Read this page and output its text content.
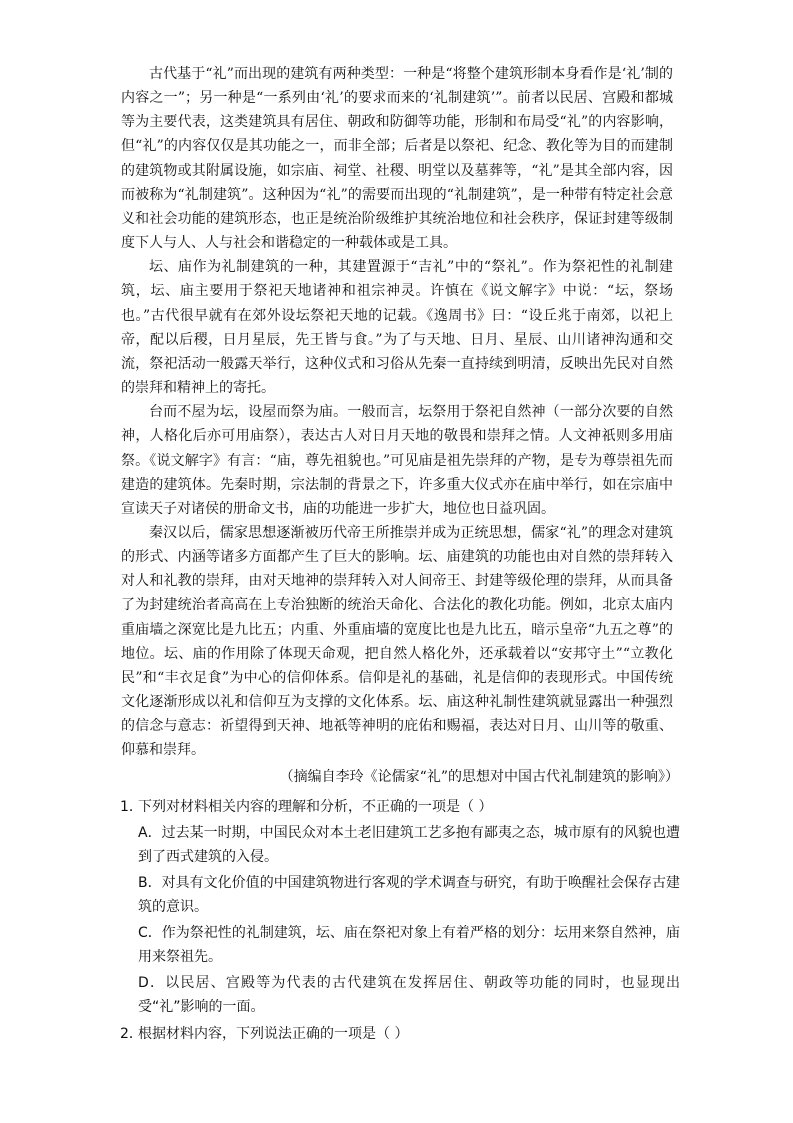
古代基于“礼”而出现的建筑有两种类型：一种是“将整个建筑形制本身看作是‘礼’制的内容之一”；另一种是“一系列由‘礼’的要求而来的‘礼制建筑’”。前者以民居、宫殿和都城等为主要代表，这类建筑具有居住、朝政和防御等功能，形制和布局受“礼”的内容影响，但“礼”的内容仅仅是其功能之一，而非全部；后者是以祭祀、纪念、教化等为目的而建制的建筑物或其附属设施，如宗庙、祠堂、社稷、明堂以及墓葬等，“礼”是其全部内容，因而被称为“礼制建筑”。这种因为“礼”的需要而出现的“礼制建筑”，是一种带有特定社会意义和社会功能的建筑形态，也正是统治阶级维护其统治地位和社会秩序，保证封建等级制度下人与人、人与社会和谐稳定的一种载体或是工具。

坛、庙作为礼制建筑的一种，其建置源于“吉礼”中的“祭礼”。作为祭祀性的礼制建筑，坛、庙主要用于祭祀天地诸神和祖宗神灵。许慎在《说文解字》中说：“坛，祭场也。”古代很早就有在郊外设坛祭祀天地的记载。《逸周书》曰：“设丘兆于南郊，以祀上帝，配以后稷，日月星辰，先王皆与食。”为了与天地、日月、星辰、山川诸神沟通和交流，祭祀活动一般露天举行，这种仪式和习俗从先秦一直持续到明清，反映出先民对自然的崇拜和精神上的寄托。

台而不屋为坛，设屋而祭为庙。一般而言，坛祭用于祭祀自然神（一部分次要的自然神，人格化后亦可用庙祭），表达古人对日月天地的敬畏和崇拜之情。人文神祇则多用庙祭。《说文解字》有言：“庙，尊先祖貌也。”可见庙是祖先崇拜的产物，是专为尊崇祖先而建造的建筑体。先秦时期，宗法制的背景之下，许多重大仪式亦在庙中举行，如在宗庙中宣读天子对诸侯的册命文书，庙的功能进一步扩大，地位也日益巩固。

秦汉以后，儒家思想逐渐被历代帝王所推崇并成为正统思想，儒家“礼”的理念对建筑的形式、内涵等诸多方面都产生了巨大的影响。坛、庙建筑的功能也由对自然的崇拜转入对人和礼教的崇拜，由对天地神的崇拜转入对人间帝王、封建等级伦理的崇拜，从而具备了为封建统治者高高在上专治独断的统治天命化、合法化的教化功能。例如，北京太庙内重庙墙之深宽比是九比五；内重、外重庙墙的宽度比也是九比五，暗示皇帝“九五之尊”的地位。坛、庙的作用除了体现天命观，把自然人格化外，还承载着以“安邦守土”“立教化民”和“丰衣足食”为中心的信仰体系。信仰是礼的基础，礼是信仰的表现形式。中国传统文化逐渐形成以礼和信仰互为支撑的文化体系。坛、庙这种礼制性建筑就显露出一种强烈的信念与意志：祈望得到天神、地祇等神明的庇佑和赐福，表达对日月、山川等的敬重、仰慕和崇拜。

（摘编自李玲《论儒家“礼”的思想对中国古代礼制建筑的影响》）
1．
下列对材料相关内容的理解和分析，不正确的一项是（ ）
A．过去某一时期，中国民众对本土老旧建筑工艺多抱有鄙夷之态，城市原有的风貌也遭到了西式建筑的入侵。
B．对具有文化价值的中国建筑物进行客观的学术调查与研究，有助于唤醒社会保存古建筑的意识。
C．作为祭祀性的礼制建筑，坛、庙在祭祀对象上有着严格的划分：坛用来祭自然神，庙用来祭祖先。
D．以民居、宫殿等为代表的古代建筑在发挥居住、朝政等功能的同时，也显现出受“礼”影响的一面。
2．
根据材料内容，下列说法正确的一项是（ ）
